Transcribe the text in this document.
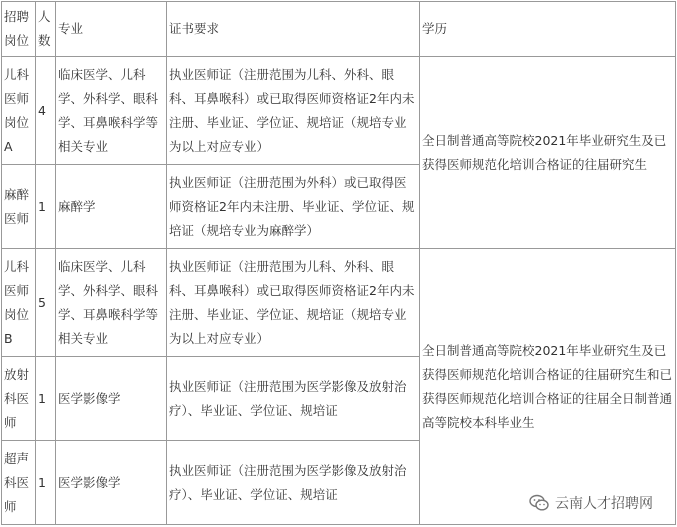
招聘岗位	人数	专业	证书要求	学历
儿科医师岗位A	4	临床医学、儿科学、外科学、眼科学、耳鼻喉科学等相关专业	执业医师证（注册范围为儿科、外科、眼科、耳鼻喉科）或已取得医师资格证2年内未注册、毕业证、学位证、规培证（规培专业为以上对应专业）	全日制普通高等院校2021年毕业研究生及已获得医师规范化培训合格证的往届研究生
麻醉医师	1	麻醉学	执业医师证（注册范围为外科）或已取得医师资格证2年内未注册、毕业证、学位证、规培证（规培专业为麻醉学）	
儿科医师岗位B	5	临床医学、儿科学、外科学、眼科学、耳鼻喉科学等相关专业	执业医师证（注册范围为儿科、外科、眼科、耳鼻喉科）或已取得医师资格证2年内未注册、毕业证、学位证、规培证（规培专业为以上对应专业）	全日制普通高等院校2021年毕业研究生及已获得医师规范化培训合格证的往届研究生和已获得医师规范化培训合格证的往届全日制普通高等院校本科毕业生
放射科医师	1	医学影像学	执业医师证（注册范围为医学影像及放射治疗）、毕业证、学位证、规培证	
超声科医师	1	医学影像学	执业医师证（注册范围为医学影像及放射治疗）、毕业证、学位证、规培证	
云南人才招聘网
